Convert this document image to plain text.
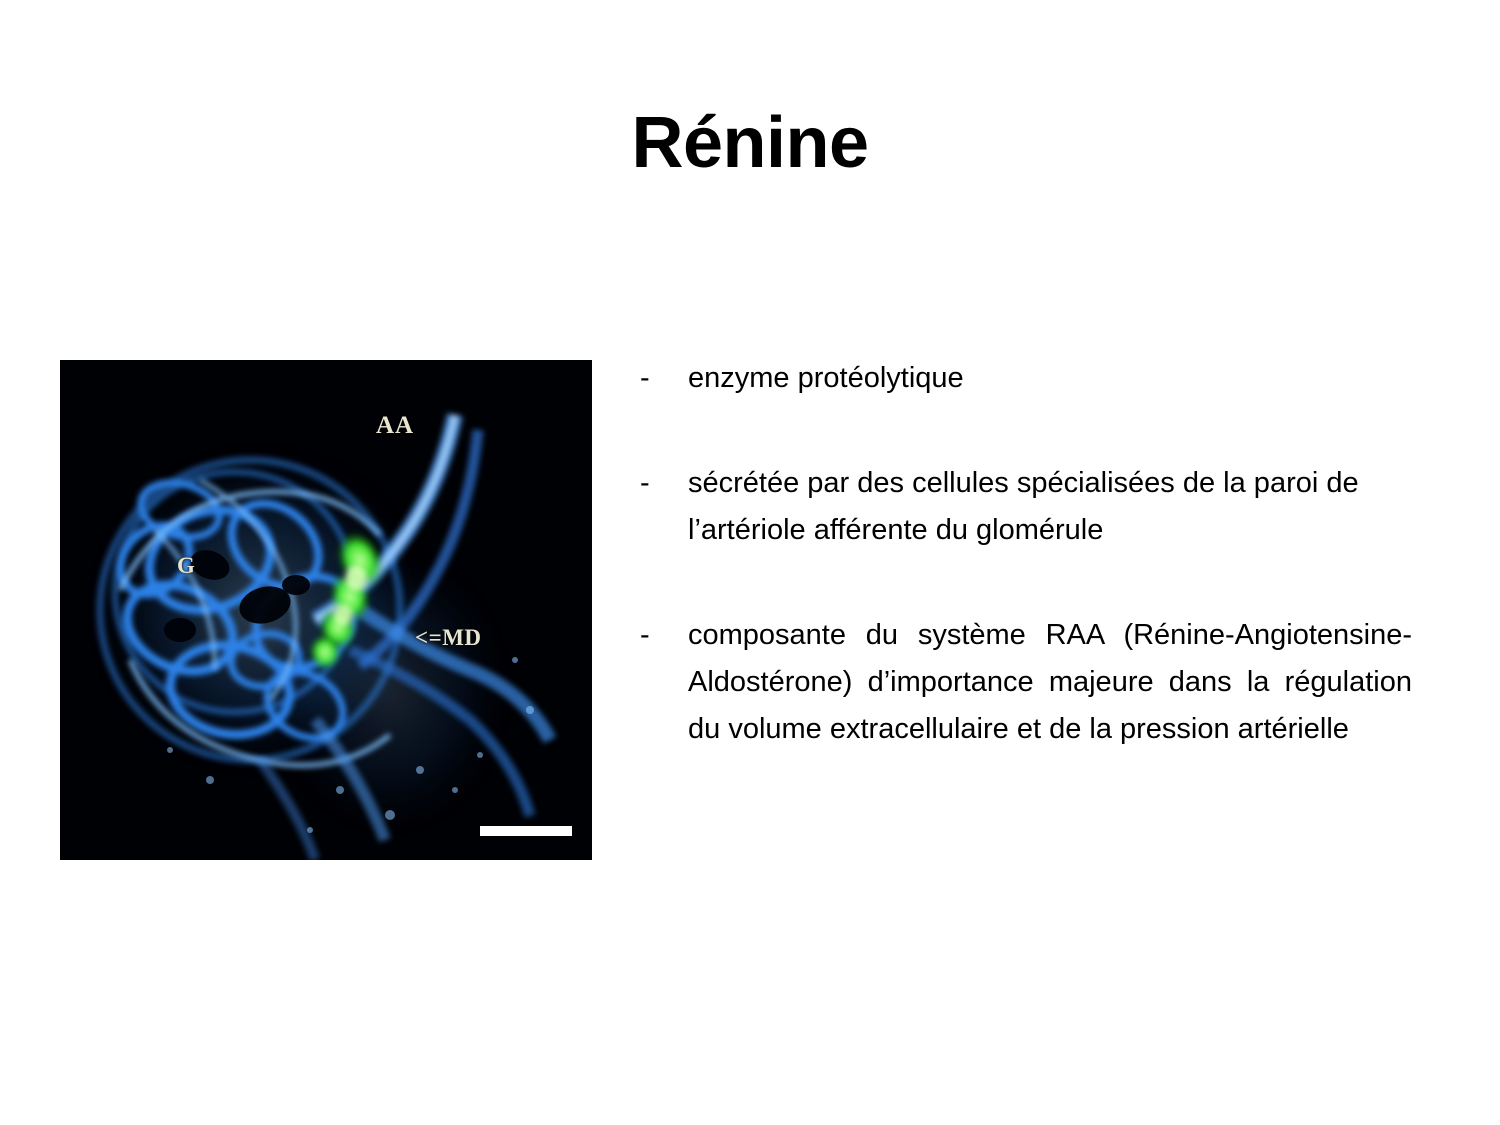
Rénine
AA
G
<=MD
-	enzyme protéolytique
-	sécrétée par des cellules spécialisées de la paroi de l’artériole afférente du glomérule
-	composante du système RAA (Rénine-Angiotensine-Aldostérone) d’importance majeure dans la régulation du volume extracellulaire et de la pression artérielle
